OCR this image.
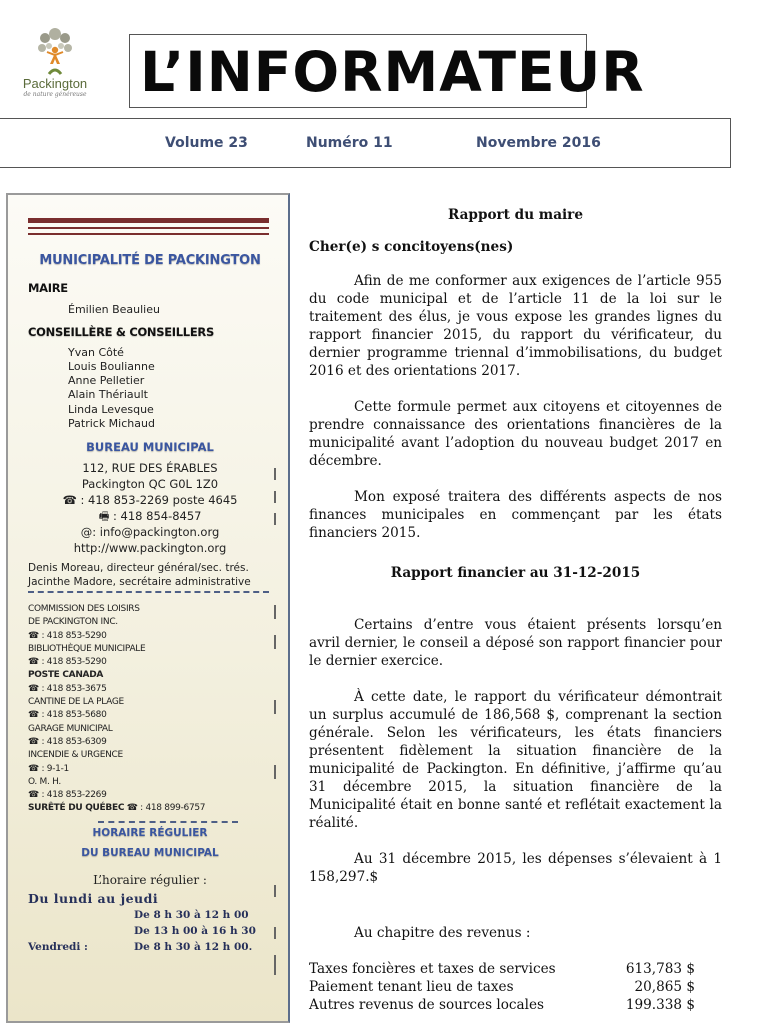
Packington
de nature généreuse L’INFORMATEUR
Volume 23	Numéro 11	Novembre 2016
MUNICIPALITÉ DE PACKINGTON
MAIRE
Émilien Beaulieu
CONSEILLÈRE & CONSEILLERS
Yvan Côté
Louis Boulianne
Anne Pelletier
Alain Thériault
Linda Levesque
Patrick Michaud
BUREAU MUNICIPAL
112, RUE DES ÉRABLES
Packington QC G0L 1Z0
☎ : 418 853-2269 poste 4645
🖷 : 418 854-8457
@: info@packington.org
http://www.packington.org
Denis Moreau, directeur général/sec. trés.
Jacinthe Madore, secrétaire administrative
COMMISSION DES LOISIRS
DE PACKINGTON INC.
☎ : 418 853-5290
BIBLIOTHÈQUE MUNICIPALE
☎ : 418 853-5290
POSTE CANADA
☎ : 418 853-3675
CANTINE DE LA PLAGE
☎ : 418 853-5680
GARAGE MUNICIPAL
☎ : 418 853-6309
INCENDIE & URGENCE
☎ : 9-1-1
O. M. H.
☎ : 418 853-2269
SURÊTÉ DU QUÉBEC ☎ : 418 899-6757
HORAIRE RÉGULIER
DU BUREAU MUNICIPAL
L’horaire régulier :
Du lundi au jeudi
De 8 h 30 à 12 h 00
De 13 h 00 à 16 h 30
Vendredi :	De 8 h 30 à 12 h 00.
Rapport du maire
Cher(e) s concitoyens(nes)
Afin de me conformer aux exigences de l’article 955 du code municipal et de l’article 11 de la loi sur le traitement des élus, je vous expose les grandes lignes du rapport financier 2015, du rapport du vérificateur, du dernier programme triennal d’immobilisations, du budget 2016 et des orientations 2017.
Cette formule permet aux citoyens et citoyennes de prendre connaissance des orientations financières de la municipalité avant l’adoption du nouveau budget 2017 en décembre.
Mon exposé traitera des différents aspects de nos finances municipales en commençant par les états financiers 2015.
Rapport financier au 31-12-2015
Certains d’entre vous étaient présents lorsqu’en avril dernier, le conseil a déposé son rapport financier pour le dernier exercice.
À cette date, le rapport du vérificateur démontrait un surplus accumulé de 186,568 $, comprenant la section générale. Selon les vérificateurs, les états financiers présentent fidèlement la situation financière de la municipalité de Packington. En définitive, j’affirme qu’au 31 décembre 2015, la situation financière de la Municipalité était en bonne santé et reflétait exactement la réalité.
Au 31 décembre 2015, les dépenses s’élevaient à 1 158,297.$
Au chapitre des revenus :
Taxes foncières et taxes de services	613,783 $
Paiement tenant lieu de taxes	20,865 $
Autres revenus de sources locales	199.338 $
